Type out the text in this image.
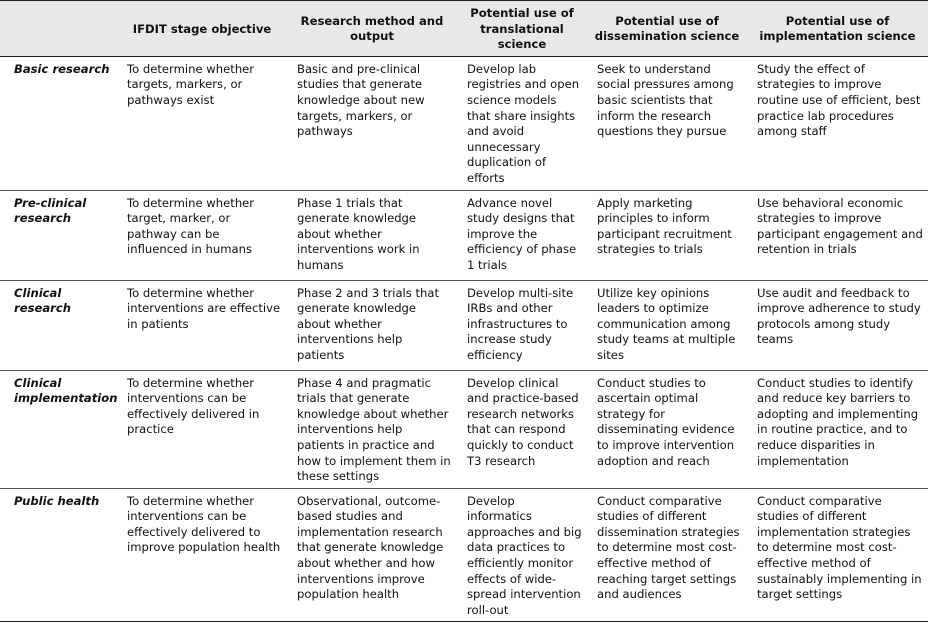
	IFDIT stage objective	Research method and output	Potential use of translational science	Potential use of dissemination science	Potential use of implementation science
Basic research	To determine whether targets, markers, or pathways exist	Basic and pre-clinical studies that generate knowledge about new targets, markers, or pathways	Develop lab registries and open science models that share insights and avoid unnecessary duplication of efforts	Seek to understand social pressures among basic scientists that inform the research questions they pursue	Study the effect of strategies to improve routine use of efficient, best practice lab procedures among staff
Pre-clinical research	To determine whether target, marker, or pathway can be influenced in humans	Phase 1 trials that generate knowledge about whether interventions work in humans	Advance novel study designs that improve the efficiency of phase 1 trials	Apply marketing principles to inform participant recruitment strategies to trials	Use behavioral economic strategies to improve participant engagement and retention in trials
Clinical research	To determine whether interventions are effective in patients	Phase 2 and 3 trials that generate knowledge about whether interventions help patients	Develop multi-site IRBs and other infrastructures to increase study efficiency	Utilize key opinions leaders to optimize communication among study teams at multiple sites	Use audit and feedback to improve adherence to study protocols among study teams
Clinical implementation	To determine whether interventions can be effectively delivered in practice	Phase 4 and pragmatic trials that generate knowledge about whether interventions help patients in practice and how to implement them in these settings	Develop clinical and practice-based research networks that can respond quickly to conduct T3 research	Conduct studies to ascertain optimal strategy for disseminating evidence to improve intervention adoption and reach	Conduct studies to identify and reduce key barriers to adopting and implementing in routine practice, and to reduce disparities in implementation
Public health	To determine whether interventions can be effectively delivered to improve population health	Observational, outcome-based studies and implementation research that generate knowledge about whether and how interventions improve population health	Develop informatics approaches and big data practices to efficiently monitor effects of wide-spread intervention roll-out	Conduct comparative studies of different dissemination strategies to determine most cost-effective method of reaching target settings and audiences	Conduct comparative studies of different implementation strategies to determine most cost-effective method of sustainably implementing in target settings
